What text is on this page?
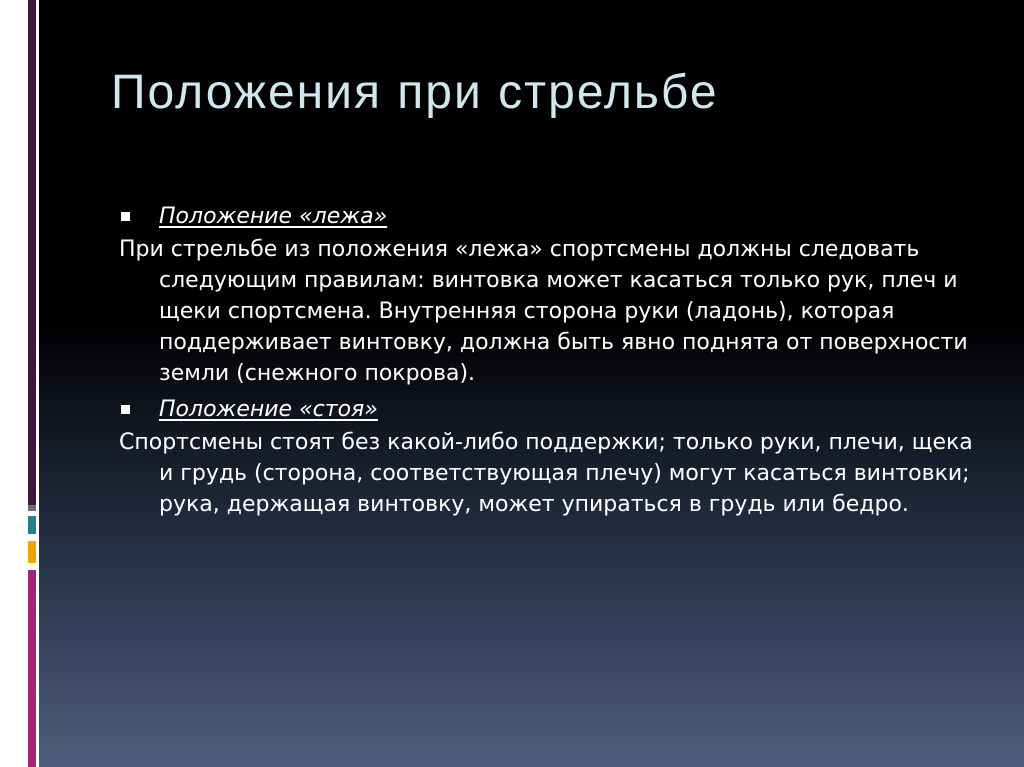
Положения при стрельбе
Положение «лежа»
При стрельбе из положения «лежа» спортсмены должны следовать следующим правилам: винтовка может касаться только рук, плеч и щеки спортсмена. Внутренняя сторона руки (ладонь), которая поддерживает винтовку, должна быть явно поднята от поверхности земли (снежного покрова).
Положение «стоя»
Спортсмены стоят без какой-либо поддержки; только руки, плечи, щека и грудь (сторона, соответствующая плечу) могут касаться винтовки; рука, держащая винтовку, может упираться в грудь или бедро.
